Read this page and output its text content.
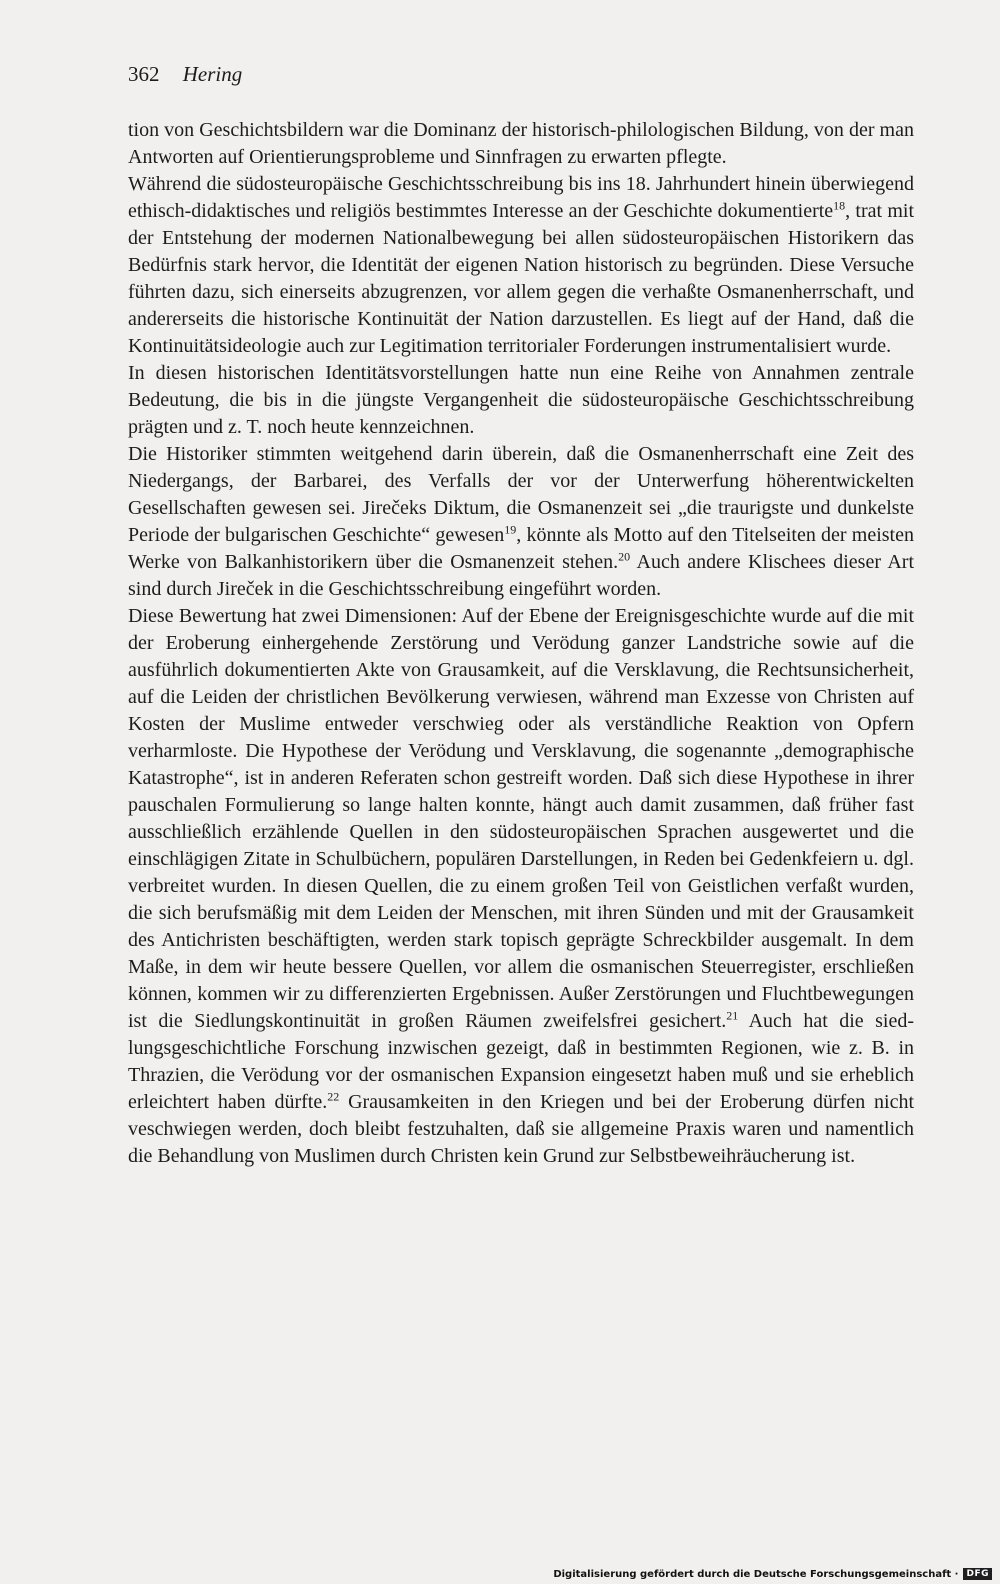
362 Hering

tion von Geschichtsbildern war die Dominanz der historisch-philologischen Bildung, von der man Antworten auf Orientierungsprobleme und Sinnfragen zu erwarten pflegte.

Während die südosteuropäische Geschichtsschreibung bis ins 18. Jahrhundert hinein überwiegend ethisch-didaktisches und religiös bestimmtes Interesse an der Geschichte dokumentierte$^{18}$, trat mit der Entstehung der modernen Nationalbewegung bei allen südosteuropäischen Historikern das Bedürfnis stark hervor, die Identität der eigenen Nation historisch zu begründen. Diese Versuche führten dazu, sich einerseits abzugrenzen, vor allem gegen die verhaßte Osmanenherrschaft, und andererseits die historische Kontinuität der Nation darzustellen. Es liegt auf der Hand, daß die Kontinuitätsideologie auch zur Legitimation territorialer Forderungen instrumentalisiert wurde.

In diesen historischen Identitätsvorstellungen hatte nun eine Reihe von Annahmen zentrale Bedeutung, die bis in die jüngste Vergangenheit die südosteuropäische Geschichtsschreibung prägten und z. T. noch heute kennzeichnen.

Die Historiker stimmten weitgehend darin überein, daß die Osmanenherrschaft eine Zeit des Niedergangs, der Barbarei, des Verfalls der vor der Unterwerfung höherentwickelten Gesellschaften gewesen sei. Jirečeks Diktum, die Osmanenzeit sei „die traurigste und dunkelste Periode der bulgarischen Geschichte“ gewesen$^{19}$, könnte als Motto auf den Titelseiten der meisten Werke von Balkanhistorikern über die Osmanenzeit stehen.$^{20}$ Auch andere Klischees dieser Art sind durch Jireček in die Geschichtsschreibung eingeführt worden.

Diese Bewertung hat zwei Dimensionen: Auf der Ebene der Ereignisgeschichte wurde auf die mit der Eroberung einhergehende Zerstörung und Verödung ganzer Landstriche sowie auf die ausführlich dokumentierten Akte von Grausamkeit, auf die Versklavung, die Rechtsunsicherheit, auf die Leiden der christlichen Bevölkerung verwiesen, während man Exzesse von Christen auf Kosten der Muslime entweder verschwieg oder als verständliche Reaktion von Opfern verharmloste. Die Hypothese der Verödung und Versklavung, die sogenannte „demographische Katastrophe“, ist in anderen Referaten schon gestreift worden. Daß sich diese Hypothese in ihrer pauschalen Formulierung so lange halten konnte, hängt auch damit zusammen, daß früher fast ausschließlich erzählende Quellen in den südosteuropäischen Sprachen ausgewertet und die einschlägigen Zitate in Schulbüchern, populären Darstellungen, in Reden bei Gedenkfeiern u. dgl. verbreitet wurden. In diesen Quellen, die zu einem großen Teil von Geistlichen verfaßt wurden, die sich berufsmäßig mit dem Leiden der Menschen, mit ihren Sünden und mit der Grausamkeit des Antichristen beschäftigten, werden stark topisch geprägte Schreckbilder ausgemalt. In dem Maße, in dem wir heute bessere Quellen, vor allem die osmanischen Steuerregister, erschließen können, kommen wir zu differenzierten Ergebnissen. Außer Zerstörungen und Fluchtbewegungen ist die Siedlungskontinuität in großen Räumen zweifelsfrei gesichert.$^{21}$ Auch hat die siedlungsgeschichtliche Forschung inzwischen gezeigt, daß in bestimmten Regionen, wie z. B. in Thrazien, die Verödung vor der osmanischen Expansion eingesetzt haben muß und sie erheblich erleichtert haben dürfte.$^{22}$ Grausamkeiten in den Kriegen und bei der Eroberung dürfen nicht veschwiegen werden, doch bleibt festzuhalten, daß sie allgemeine Praxis waren und namentlich die Behandlung von Muslimen durch Christen kein Grund zur Selbstbeweihräucherung ist.

Digitalisierung gefördert durch die Deutsche Forschungsgemeinschaft · DFG
